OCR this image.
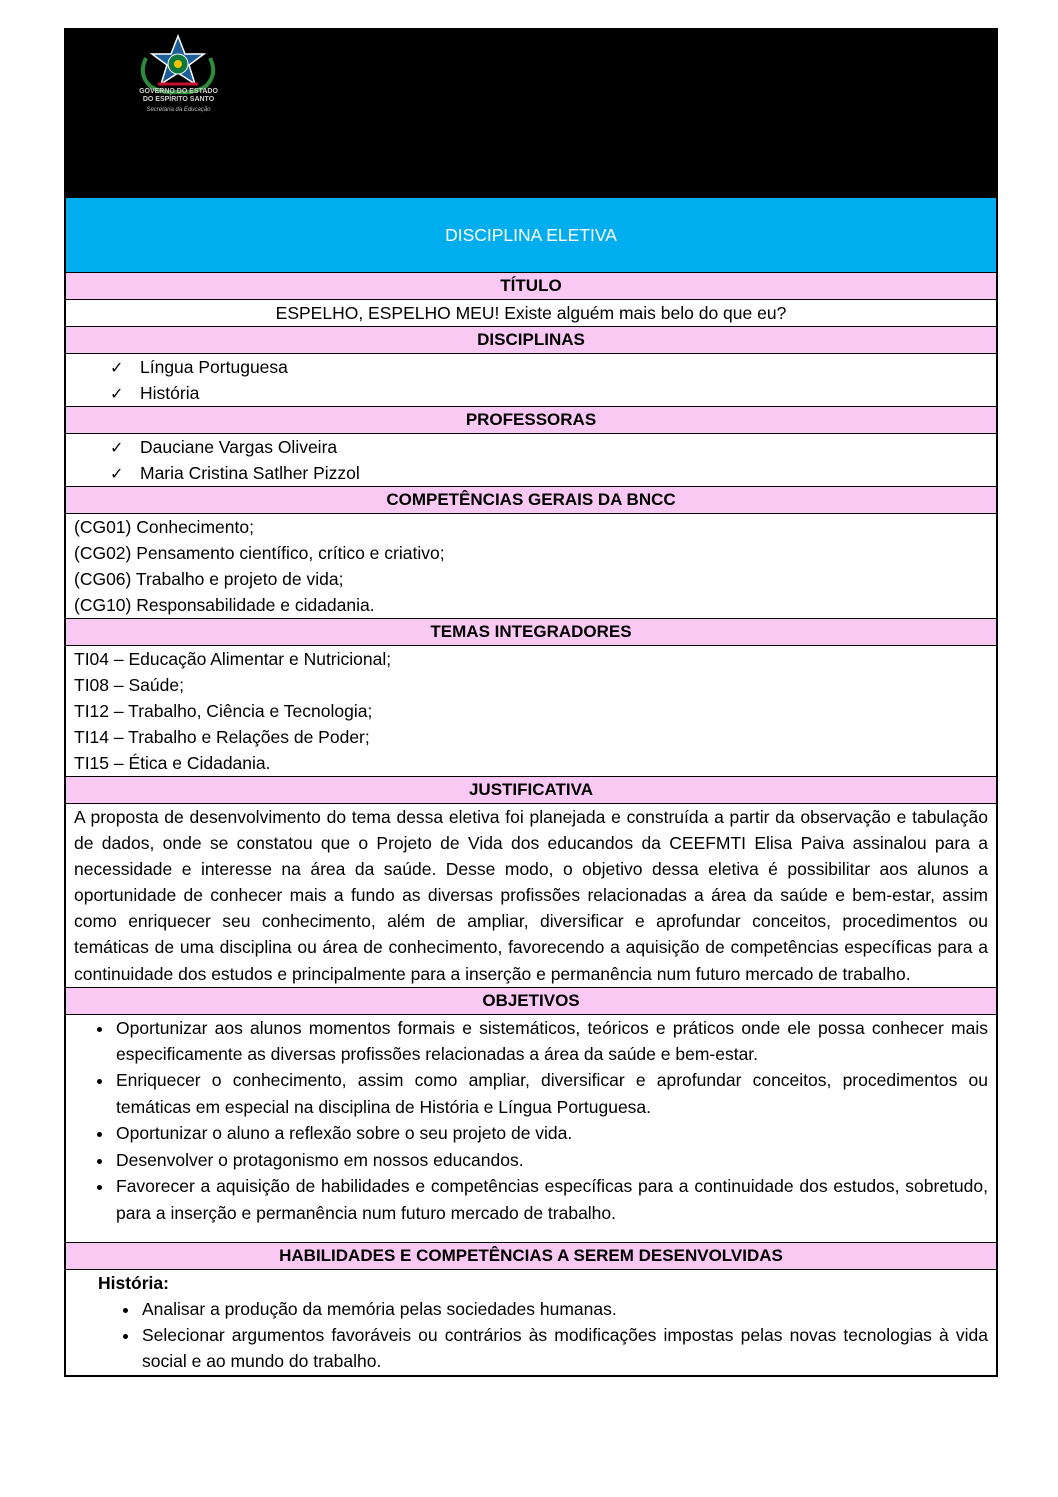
GOVERNO DO ESTADO
DO ESPÍRITO SANTO
Secretaria da Educação
DISCIPLINA ELETIVA
TÍTULO
ESPELHO, ESPELHO MEU! Existe alguém mais belo do que eu?
DISCIPLINAS
✓ Língua Portuguesa
✓ História
PROFESSORAS
✓ Dauciane Vargas Oliveira
✓ Maria Cristina Satlher Pizzol
COMPETÊNCIAS GERAIS DA BNCC
(CG01) Conhecimento;
(CG02) Pensamento científico, crítico e criativo;
(CG06) Trabalho e projeto de vida;
(CG10) Responsabilidade e cidadania.
TEMAS INTEGRADORES
TI04 – Educação Alimentar e Nutricional;
TI08 – Saúde;
TI12 – Trabalho, Ciência e Tecnologia;
TI14 – Trabalho e Relações de Poder;
TI15 – Ética e Cidadania.
JUSTIFICATIVA
A proposta de desenvolvimento do tema dessa eletiva foi planejada e construída a partir da observação e tabulação de dados, onde se constatou que o Projeto de Vida dos educandos da CEEFMTI Elisa Paiva assinalou para a necessidade e interesse na área da saúde. Desse modo, o objetivo dessa eletiva é possibilitar aos alunos a oportunidade de conhecer mais a fundo as diversas profissões relacionadas a área da saúde e bem-estar, assim como enriquecer seu conhecimento, além de ampliar, diversificar e aprofundar conceitos, procedimentos ou temáticas de uma disciplina ou área de conhecimento, favorecendo a aquisição de competências específicas para a continuidade dos estudos e principalmente para a inserção e permanência num futuro mercado de trabalho.
OBJETIVOS
• Oportunizar aos alunos momentos formais e sistemáticos, teóricos e práticos onde ele possa conhecer mais especificamente as diversas profissões relacionadas a área da saúde e bem-estar.
• Enriquecer o conhecimento, assim como ampliar, diversificar e aprofundar conceitos, procedimentos ou temáticas em especial na disciplina de História e Língua Portuguesa.
• Oportunizar o aluno a reflexão sobre o seu projeto de vida.
• Desenvolver o protagonismo em nossos educandos.
• Favorecer a aquisição de habilidades e competências específicas para a continuidade dos estudos, sobretudo, para a inserção e permanência num futuro mercado de trabalho.
HABILIDADES E COMPETÊNCIAS A SEREM DESENVOLVIDAS
História:
• Analisar a produção da memória pelas sociedades humanas.
• Selecionar argumentos favoráveis ou contrários às modificações impostas pelas novas tecnologias à vida social e ao mundo do trabalho.
